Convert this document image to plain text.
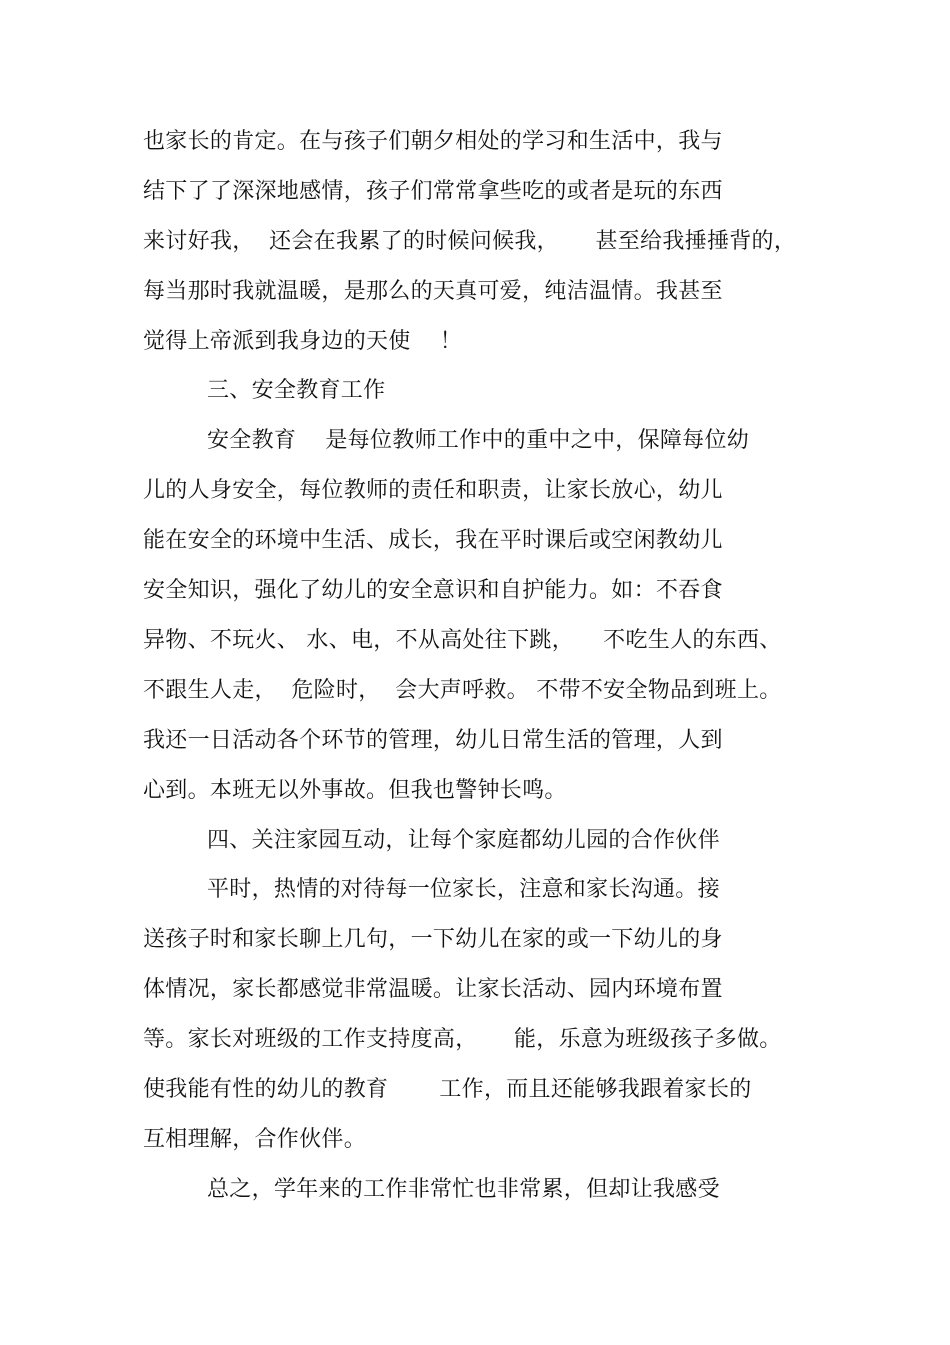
也家长的肯定。在与孩子们朝夕相处的学习和生活中，我与
结下了了深深地感情，孩子们常常拿些吃的或者是玩的东西
来讨好我，  还会在我累了的时候问候我，     甚至给我捶捶背的，
每当那时我就温暖，是那么的天真可爱，纯洁温情。我甚至
觉得上帝派到我身边的天使    ！
三、安全教育工作
安全教育    是每位教师工作中的重中之中，保障每位幼
儿的人身安全，每位教师的责任和职责，让家长放心，幼儿
能在安全的环境中生活、成长，我在平时课后或空闲教幼儿
安全知识，强化了幼儿的安全意识和自护能力。如：不吞食
异物、不玩火、 水、电，不从高处往下跳，    不吃生人的东西、
不跟生人走，  危险时，  会大声呼救。 不带不安全物品到班上。
我还一日活动各个环节的管理，幼儿日常生活的管理，人到
心到。本班无以外事故。但我也警钟长鸣。
四、关注家园互动，让每个家庭都幼儿园的合作伙伴
平时，热情的对待每一位家长，注意和家长沟通。接
送孩子时和家长聊上几句，一下幼儿在家的或一下幼儿的身
体情况，家长都感觉非常温暖。让家长活动、园内环境布置
等。家长对班级的工作支持度高，     能，乐意为班级孩子多做。
使我能有性的幼儿的教育       工作，而且还能够我跟着家长的
互相理解，合作伙伴。
总之，学年来的工作非常忙也非常累，但却让我感受
